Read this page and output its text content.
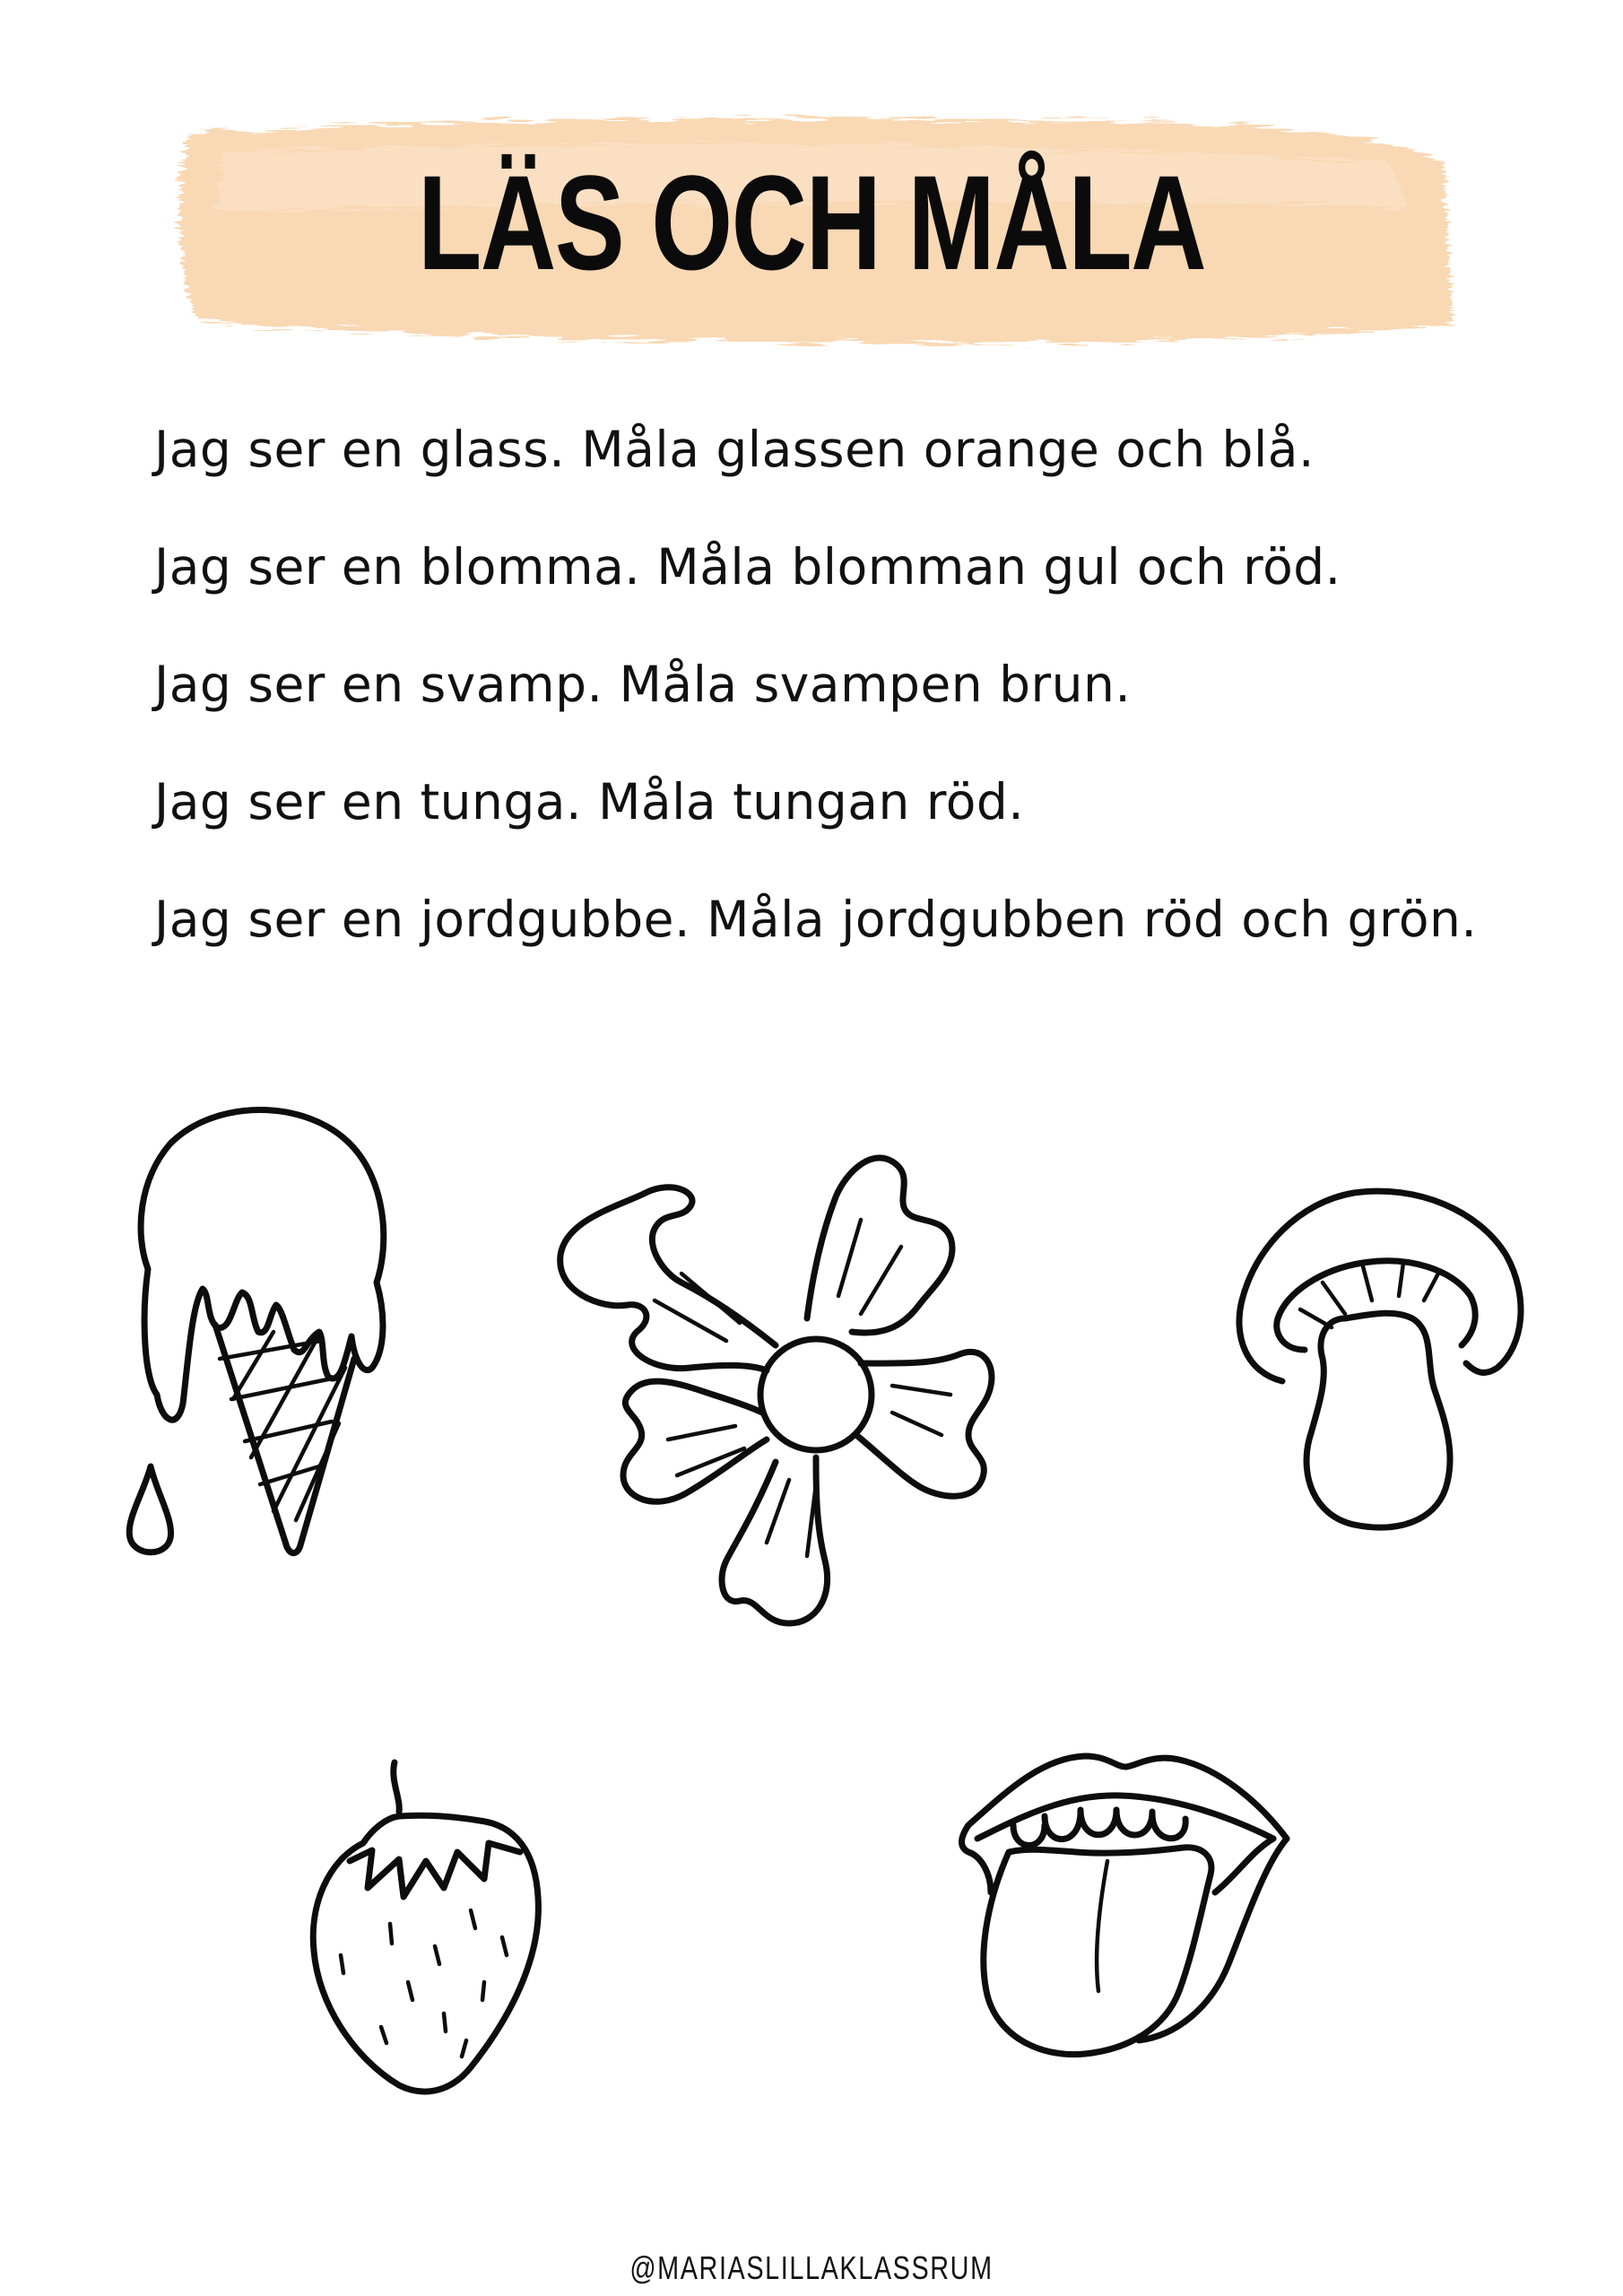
LÄS OCH MÅLA
Jag ser en glass. Måla glassen orange och blå.
Jag ser en blomma. Måla blomman gul och röd.
Jag ser en svamp. Måla svampen brun.
Jag ser en tunga. Måla tungan röd.
Jag ser en jordgubbe. Måla jordgubben röd och grön.
@MARIASLILLAKLASSRUM
